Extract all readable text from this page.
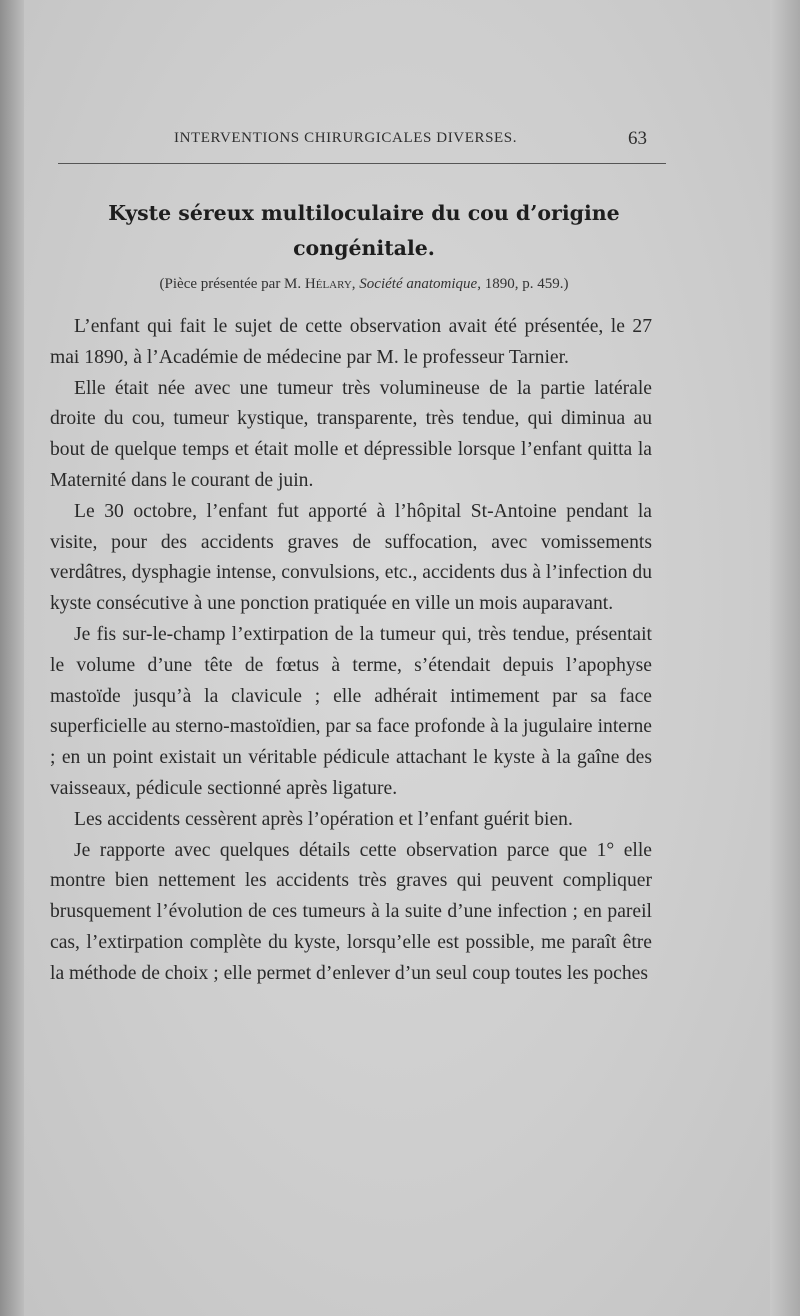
INTERVENTIONS CHIRURGICALES DIVERSES.	63
Kyste séreux multiloculaire du cou d’origine congénitale.
(Pièce présentée par M. Hélary, Société anatomique, 1890, p. 459.)

L’enfant qui fait le sujet de cette observation avait été présentée, le 27 mai 1890, à l’Académie de médecine par M. le professeur Tarnier.

Elle était née avec une tumeur très volumineuse de la partie latérale droite du cou, tumeur kystique, transparente, très tendue, qui diminua au bout de quelque temps et était molle et dépressible lorsque l’enfant quitta la Maternité dans le courant de juin.

Le 30 octobre, l’enfant fut apporté à l’hôpital St-Antoine pendant la visite, pour des accidents graves de suffocation, avec vomissements verdâtres, dysphagie intense, convulsions, etc., accidents dus à l’infection du kyste consécutive à une ponction pratiquée en ville un mois auparavant.

Je fis sur-le-champ l’extirpation de la tumeur qui, très tendue, présentait le volume d’une tête de fœtus à terme, s’étendait depuis l’apophyse mastoïde jusqu’à la clavicule ; elle adhérait intimement par sa face superficielle au sterno-mastoïdien, par sa face profonde à la jugulaire interne ; en un point existait un véritable pédicule attachant le kyste à la gaîne des vaisseaux, pédicule sectionné après ligature.

Les accidents cessèrent après l’opération et l’enfant guérit bien.

Je rapporte avec quelques détails cette observation parce que 1° elle montre bien nettement les accidents très graves qui peuvent compliquer brusquement l’évolution de ces tumeurs à la suite d’une infection ; en pareil cas, l’extirpation complète du kyste, lorsqu’elle est possible, me paraît être la méthode de choix ; elle permet d’enlever d’un seul coup toutes les poches
